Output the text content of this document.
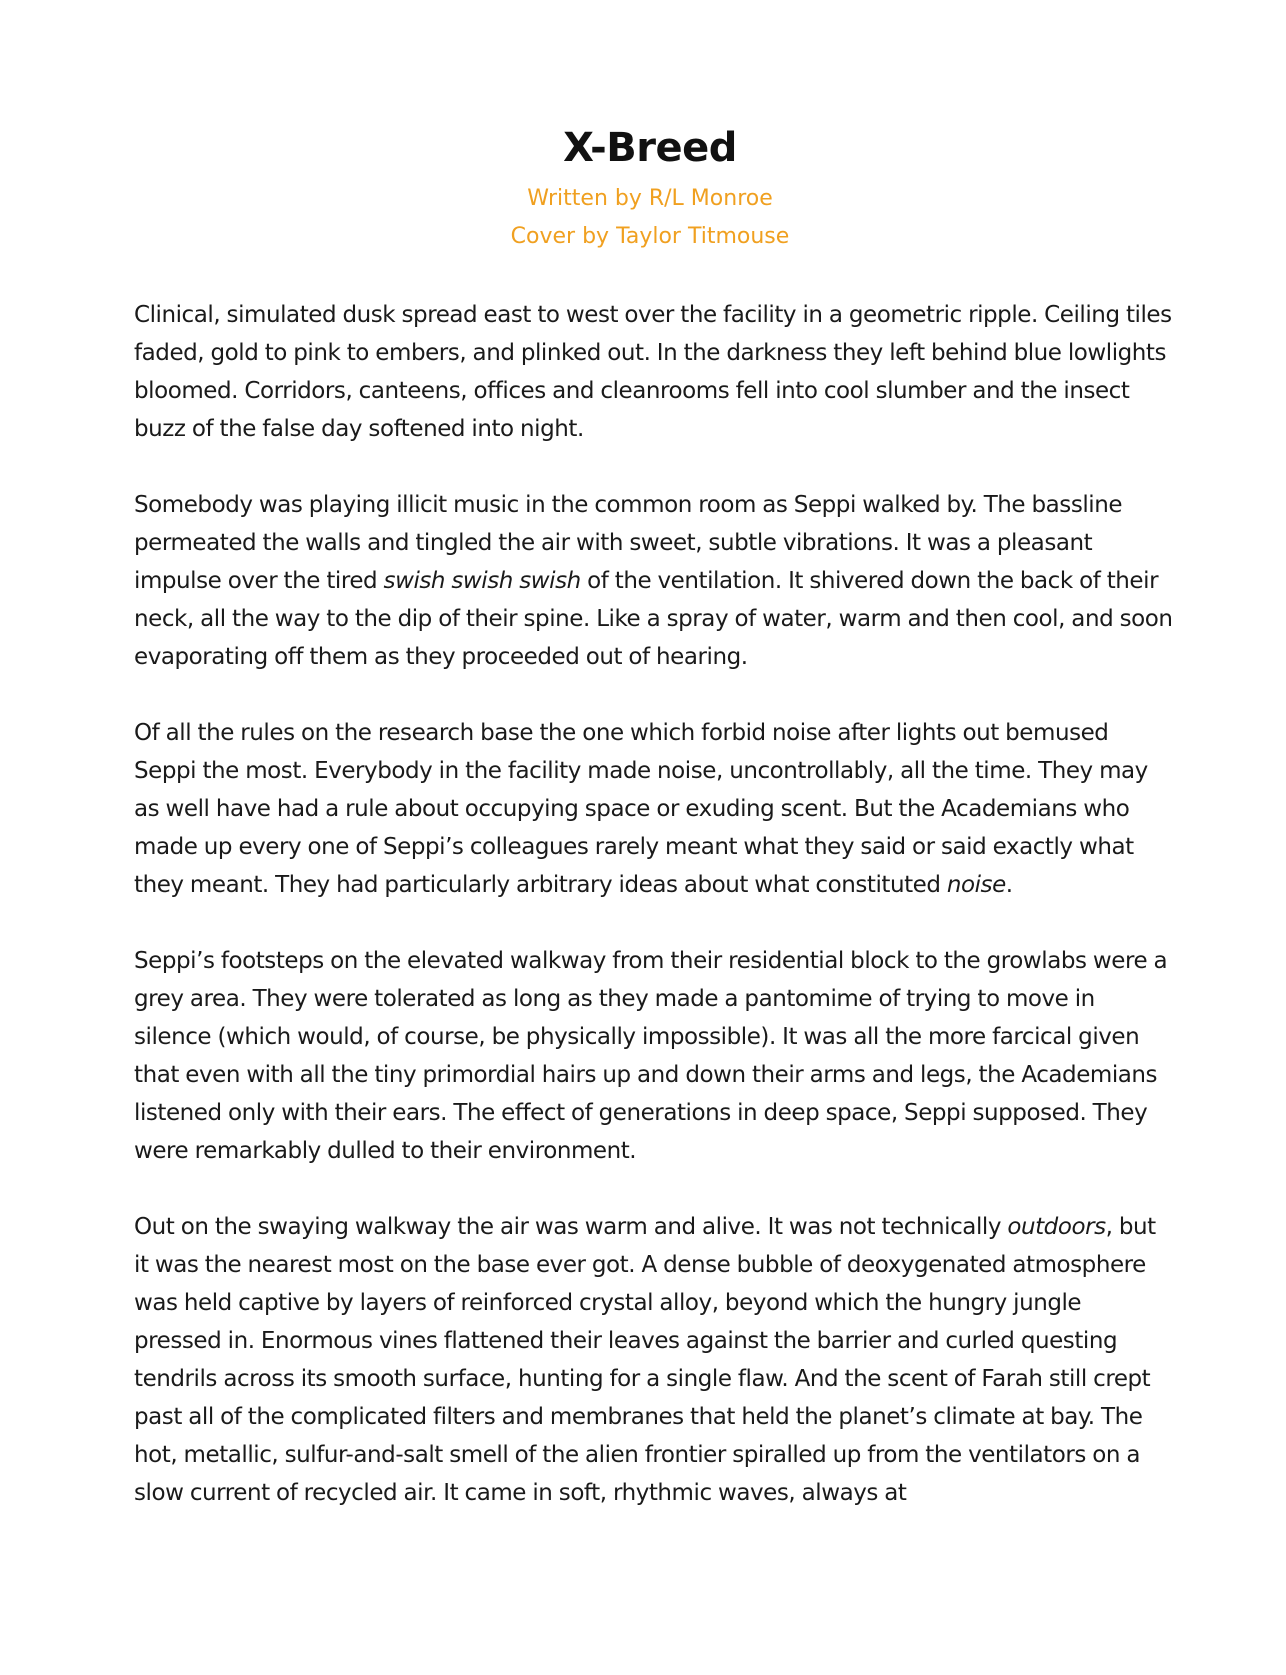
X-Breed

Written by R/L Monroe

Cover by Taylor Titmouse

Clinical, simulated dusk spread east to west over the facility in a geometric ripple. Ceiling tiles faded, gold to pink to embers, and plinked out. In the darkness they left behind blue lowlights bloomed. Corridors, canteens, offices and cleanrooms fell into cool slumber and the insect buzz of the false day softened into night.

Somebody was playing illicit music in the common room as Seppi walked by. The bassline permeated the walls and tingled the air with sweet, subtle vibrations. It was a pleasant impulse over the tired swish swish swish of the ventilation. It shivered down the back of their neck, all the way to the dip of their spine. Like a spray of water, warm and then cool, and soon evaporating off them as they proceeded out of hearing.

Of all the rules on the research base the one which forbid noise after lights out bemused Seppi the most. Everybody in the facility made noise, uncontrollably, all the time. They may as well have had a rule about occupying space or exuding scent. But the Academians who made up every one of Seppi’s colleagues rarely meant what they said or said exactly what they meant. They had particularly arbitrary ideas about what constituted noise.

Seppi’s footsteps on the elevated walkway from their residential block to the growlabs were a grey area. They were tolerated as long as they made a pantomime of trying to move in silence (which would, of course, be physically impossible). It was all the more farcical given that even with all the tiny primordial hairs up and down their arms and legs, the Academians listened only with their ears. The effect of generations in deep space, Seppi supposed. They were remarkably dulled to their environment.

Out on the swaying walkway the air was warm and alive. It was not technically outdoors, but it was the nearest most on the base ever got. A dense bubble of deoxygenated atmosphere was held captive by layers of reinforced crystal alloy, beyond which the hungry jungle pressed in. Enormous vines flattened their leaves against the barrier and curled questing tendrils across its smooth surface, hunting for a single flaw. And the scent of Farah still crept past all of the complicated filters and membranes that held the planet’s climate at bay. The hot, metallic, sulfur-and-salt smell of the alien frontier spiralled up from the ventilators on a slow current of recycled air. It came in soft, rhythmic waves, always at
